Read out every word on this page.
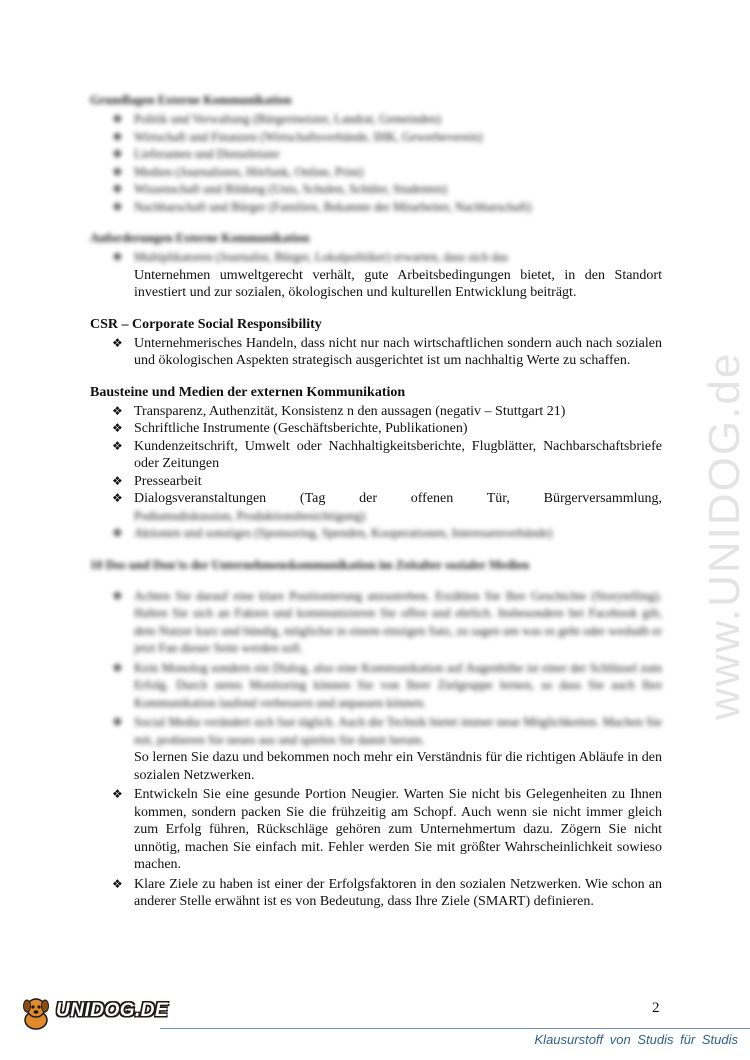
Grundlagen Externe Kommunikation
❖ Politik und Verwaltung (Bürgermeister, Landrat, Gemeinden)
❖ Wirtschaft und Finanzen (Wirtschaftsverbände, IHK, Gewerbeverein)
❖ Lieferanten und Dienstleister
❖ Medien (Journalisten, Hörfunk, Online, Print)
❖ Wissenschaft und Bildung (Unis, Schulen, Schüler, Studenten)
❖ Nachbarschaft und Bürger (Familien, Bekannte der Mitarbeiter, Nachbarschaft)
Anforderungen Externe Kommunikation
❖ Multiplikatoren (Journalist, Bürger, Lokalpolitiker) erwarten, dass sich das
Unternehmen umweltgerecht verhält, gute Arbeitsbedingungen bietet, in den Standort investiert und zur sozialen, ökologischen und kulturellen Entwicklung beiträgt.
CSR – Corporate Social Responsibility
❖ Unternehmerisches Handeln, dass nicht nur nach wirtschaftlichen sondern auch nach sozialen und ökologischen Aspekten strategisch ausgerichtet ist um nachhaltig Werte zu schaffen.
Bausteine und Medien der externen Kommunikation
❖ Transparenz, Authenzität, Konsistenz n den aussagen (negativ – Stuttgart 21)
❖ Schriftliche Instrumente (Geschäftsberichte, Publikationen)
❖ Kundenzeitschrift, Umwelt oder Nachhaltigkeitsberichte, Flugblätter, Nachbarschaftsbriefe oder Zeitungen
❖ Pressearbeit
❖ Dialogsveranstaltungen (Tag der offenen Tür, Bürgerversammlung,
Podiumsdiskussion, Produktionsbesichtigung)
❖ Aktionen und sonstiges (Sponsoring, Spenden, Kooperationen, Interessenverbände)
10 Dos und Don'ts der Unternehmenskommunikation im Zeitalter sozialer Medien
❖ Achten Sie darauf eine klare Positionierung anzustreben. Erzählen Sie Ihre Geschichte (Storytelling). Halten Sie sich an Fakten und kommunizieren Sie offen und ehrlich. Insbesondere bei Facebook gilt, dem Nutzer kurz und bündig, möglichst in einem einzigen Satz, zu sagen um was es geht oder weshalb er jetzt Fan dieser Seite werden soll.
❖ Kein Monolog sondern ein Dialog, also eine Kommunikation auf Augenhöhe ist einer der Schlüssel zum Erfolg. Durch stetes Monitoring können Sie von Ihrer Zielgruppe lernen, so dass Sie auch Ihre Kommunikation laufend verbessern und anpassen können.
❖ Social Media verändert sich fast täglich. Auch die Technik bietet immer neue Möglichkeiten. Machen Sie mit, probieren Sie neues aus und spielen Sie damit herum.
So lernen Sie dazu und bekommen noch mehr ein Verständnis für die richtigen Abläufe in den sozialen Netzwerken.
❖ Entwickeln Sie eine gesunde Portion Neugier. Warten Sie nicht bis Gelegenheiten zu Ihnen kommen, sondern packen Sie die frühzeitig am Schopf. Auch wenn sie nicht immer gleich zum Erfolg führen, Rückschläge gehören zum Unternehmertum dazu. Zögern Sie nicht unnötig, machen Sie einfach mit. Fehler werden Sie mit größter Wahrscheinlichkeit sowieso machen.
❖ Klare Ziele zu haben ist einer der Erfolgsfaktoren in den sozialen Netzwerken. Wie schon an anderer Stelle erwähnt ist es von Bedeutung, dass Ihre Ziele (SMART) definieren.
www.UNIDOG.de
2
UNIDOG.DE
Klausurstoff von Studis für Studis
